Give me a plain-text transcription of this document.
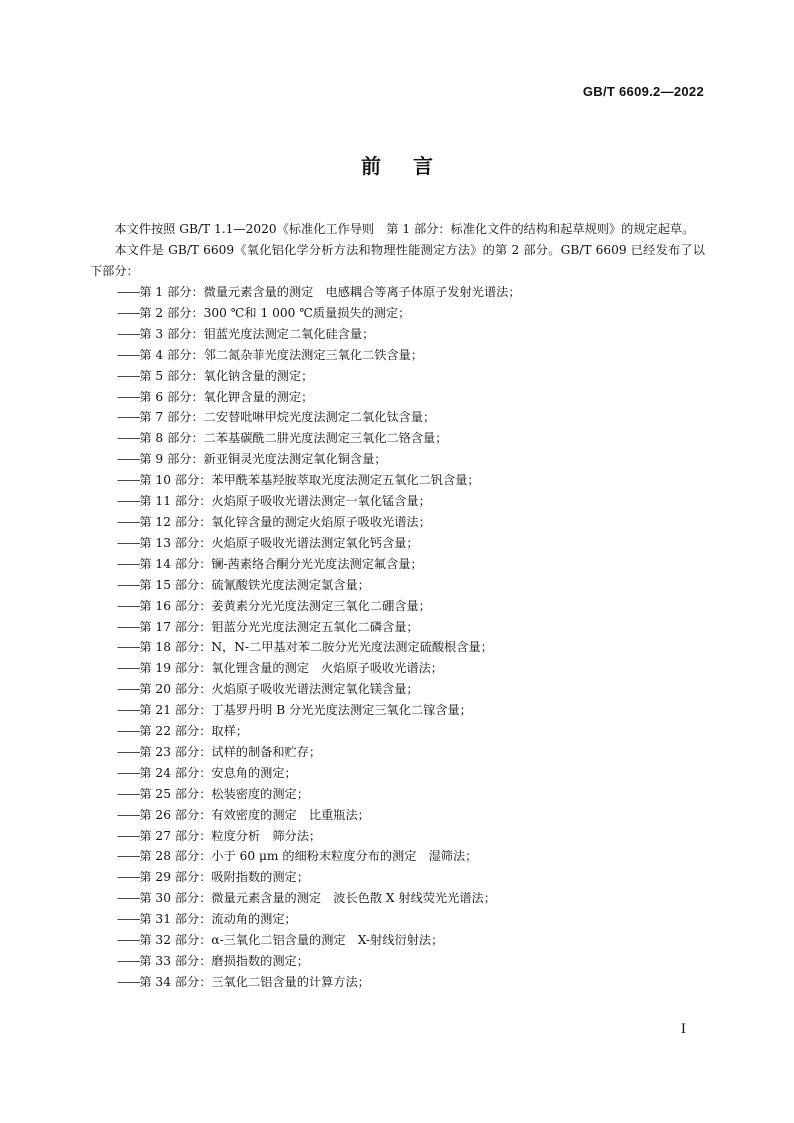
GB/T 6609.2—2022
前言

本文件按照 GB/T 1.1—2020《标准化工作导则　第 1 部分：标准化文件的结构和起草规则》的规定起草。

本文件是 GB/T 6609《氧化铝化学分析方法和物理性能测定方法》的第 2 部分。GB/T 6609 已经发布了以下部分：

——第 1 部分：微量元素含量的测定　电感耦合等离子体原子发射光谱法；
——第 2 部分：300 ℃和 1 000 ℃质量损失的测定；
——第 3 部分：钼蓝光度法测定二氧化硅含量；
——第 4 部分：邻二氮杂菲光度法测定三氧化二铁含量；
——第 5 部分：氧化钠含量的测定；
——第 6 部分：氧化钾含量的测定；
——第 7 部分：二安替吡啉甲烷光度法测定二氧化钛含量；
——第 8 部分：二苯基碳酰二肼光度法测定三氧化二铬含量；
——第 9 部分：新亚铜灵光度法测定氧化铜含量；
——第 10 部分：苯甲酰苯基羟胺萃取光度法测定五氧化二钒含量；
——第 11 部分：火焰原子吸收光谱法测定一氧化锰含量；
——第 12 部分：氧化锌含量的测定火焰原子吸收光谱法；
——第 13 部分：火焰原子吸收光谱法测定氧化钙含量；
——第 14 部分：镧-茜素络合酮分光光度法测定氟含量；
——第 15 部分：硫氰酸铁光度法测定氯含量；
——第 16 部分：姜黄素分光光度法测定三氧化二硼含量；
——第 17 部分：钼蓝分光光度法测定五氧化二磷含量；
——第 18 部分：N，N-二甲基对苯二胺分光光度法测定硫酸根含量；
——第 19 部分：氧化锂含量的测定　火焰原子吸收光谱法；
——第 20 部分：火焰原子吸收光谱法测定氧化镁含量；
——第 21 部分：丁基罗丹明 B 分光光度法测定三氧化二镓含量；
——第 22 部分：取样；
——第 23 部分：试样的制备和贮存；
——第 24 部分：安息角的测定；
——第 25 部分：松装密度的测定；
——第 26 部分：有效密度的测定　比重瓶法；
——第 27 部分：粒度分析　筛分法；
——第 28 部分：小于 60 μm 的细粉末粒度分布的测定　湿筛法；
——第 29 部分：吸附指数的测定；
——第 30 部分：微量元素含量的测定　波长色散 X 射线荧光光谱法；
——第 31 部分：流动角的测定；
——第 32 部分：α-三氧化二铝含量的测定　X-射线衍射法；
——第 33 部分：磨损指数的测定；
——第 34 部分：三氧化二铝含量的计算方法；
I
